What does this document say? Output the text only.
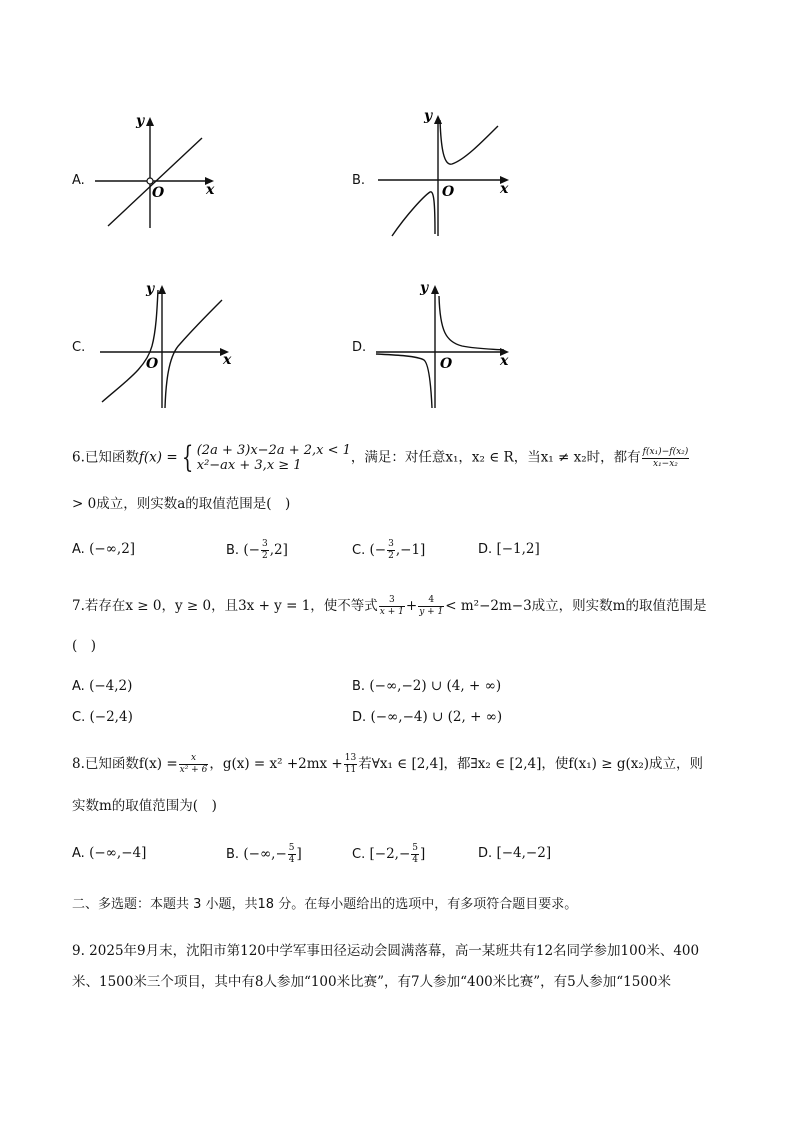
A.
y
O	x
B.
y
O	x
C.
y
O	x
D.
y
O	x
6.已知函数f(x) = { (2a + 3)x−2a + 2,x < 1
x²−ax + 3,x ≥ 1	，满足：对任意x₁，x₂ ∈ R，当x₁ ≠ x₂时，都有 $\frac{\text{f(x₁)−f(x₂)}}{\text{x₁−x₂}}$
> 0成立，则实数a的取值范围是(　)
A. (−∞,2]	B. (− $\frac{3}{2} ,2$]	C. (− $\frac{3}{2} ,-1$]	D. [−1,2]
7.若存在x ≥ 0，y ≥ 0，且3x + y = 1，使不等式 $\frac{3}{x + 1} + \frac{4}{y + 1} < m^2-2m-3$成立，则实数m的取值范围是
(　)
A. (−4,2)	B. (−∞,−2) ∪ (4, + ∞)
C. (−2,4)	D. (−∞,−4) ∪ (2, + ∞)
8.已知函数$f(x) = \frac{x}{\text{x² + 6}}$ ，$g(x) = x^2 +2mx + \frac{13}{11}$ 若∀x₁ ∈ [2,4]，都∃x₂ ∈ [2,4]，使f(x₁) ≥ g(x₂)成立，则
实数m的取值范围为(　)
A. (−∞,−4]	B. (−∞,− $\frac{5}{4}$ ]	C. [$-2,- \frac{5}{4}$ ]	D. [−4,−2]
二、多选题：本题共 3 小题，共18 分。在每小题给出的选项中，有多项符合题目要求。
9. 2025年9月末，沈阳市第120中学军事田径运动会圆满落幕，高一某班共有12名同学参加100米、400
米、1500米三个项目，其中有8人参加“100米比赛”，有7人参加“400米比赛”，有5人参加“1500米
